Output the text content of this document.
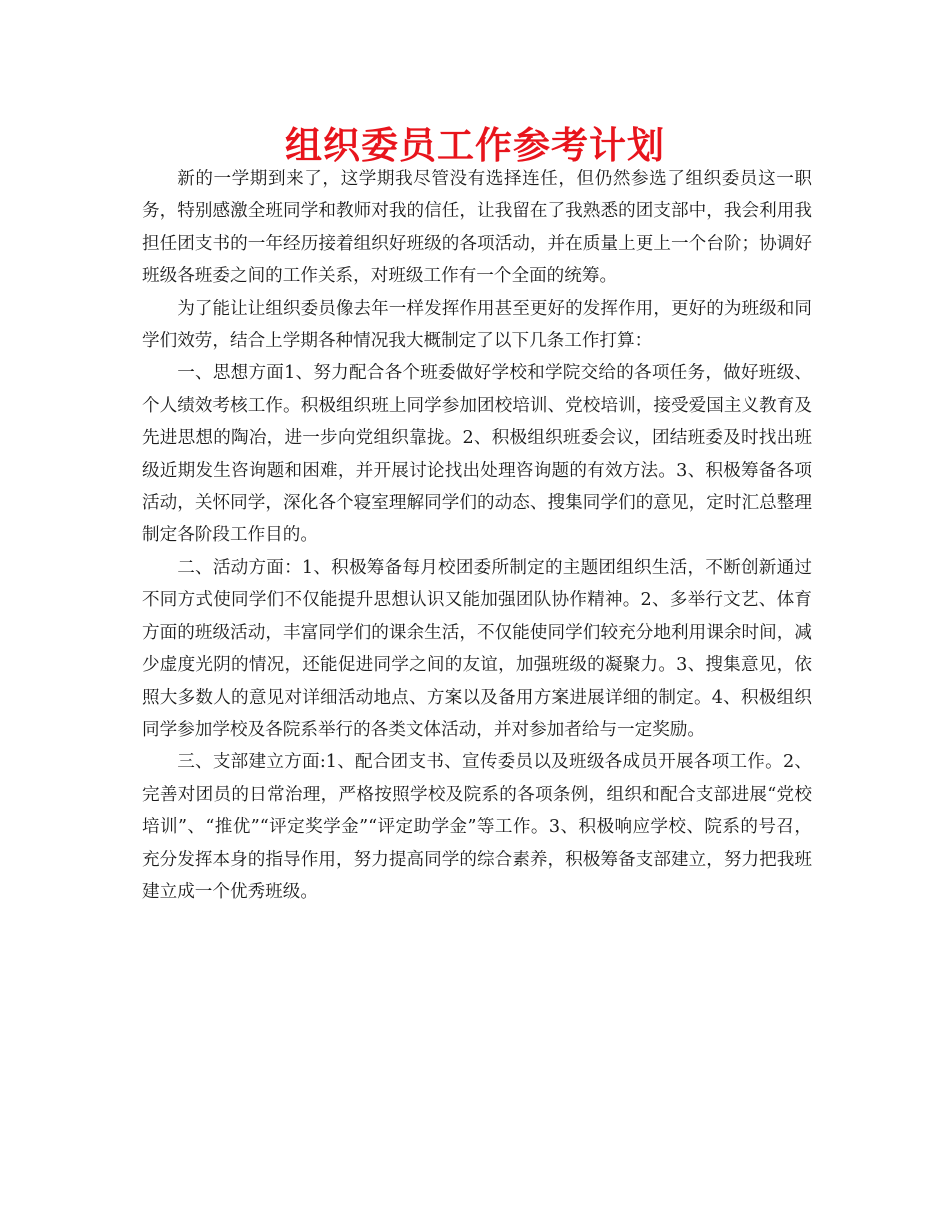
组织委员工作参考计划

新的一学期到来了，这学期我尽管没有选择连任，但仍然参选了组织委员这一职务，特别感激全班同学和教师对我的信任，让我留在了我熟悉的团支部中，我会利用我担任团支书的一年经历接着组织好班级的各项活动，并在质量上更上一个台阶；协调好班级各班委之间的工作关系，对班级工作有一个全面的统筹。

为了能让让组织委员像去年一样发挥作用甚至更好的发挥作用，更好的为班级和同学们效劳，结合上学期各种情况我大概制定了以下几条工作打算：

一、思想方面1、努力配合各个班委做好学校和学院交给的各项任务，做好班级、个人绩效考核工作。积极组织班上同学参加团校培训、党校培训，接受爱国主义教育及先进思想的陶冶，进一步向党组织靠拢。2、积极组织班委会议，团结班委及时找出班级近期发生咨询题和困难，并开展讨论找出处理咨询题的有效方法。3、积极筹备各项活动，关怀同学，深化各个寝室理解同学们的动态、搜集同学们的意见，定时汇总整理制定各阶段工作目的。

二、活动方面：1、积极筹备每月校团委所制定的主题团组织生活，不断创新通过不同方式使同学们不仅能提升思想认识又能加强团队协作精神。2、多举行文艺、体育方面的班级活动，丰富同学们的课余生活，不仅能使同学们较充分地利用课余时间，减少虚度光阴的情况，还能促进同学之间的友谊，加强班级的凝聚力。3、搜集意见，依照大多数人的意见对详细活动地点、方案以及备用方案进展详细的制定。4、积极组织同学参加学校及各院系举行的各类文体活动，并对参加者给与一定奖励。

三、支部建立方面:1、配合团支书、宣传委员以及班级各成员开展各项工作。2、完善对团员的日常治理，严格按照学校及院系的各项条例，组织和配合支部进展“党校培训”、“推优”“评定奖学金”“评定助学金”等工作。3、积极响应学校、院系的号召，充分发挥本身的指导作用，努力提高同学的综合素养，积极筹备支部建立，努力把我班建立成一个优秀班级。
